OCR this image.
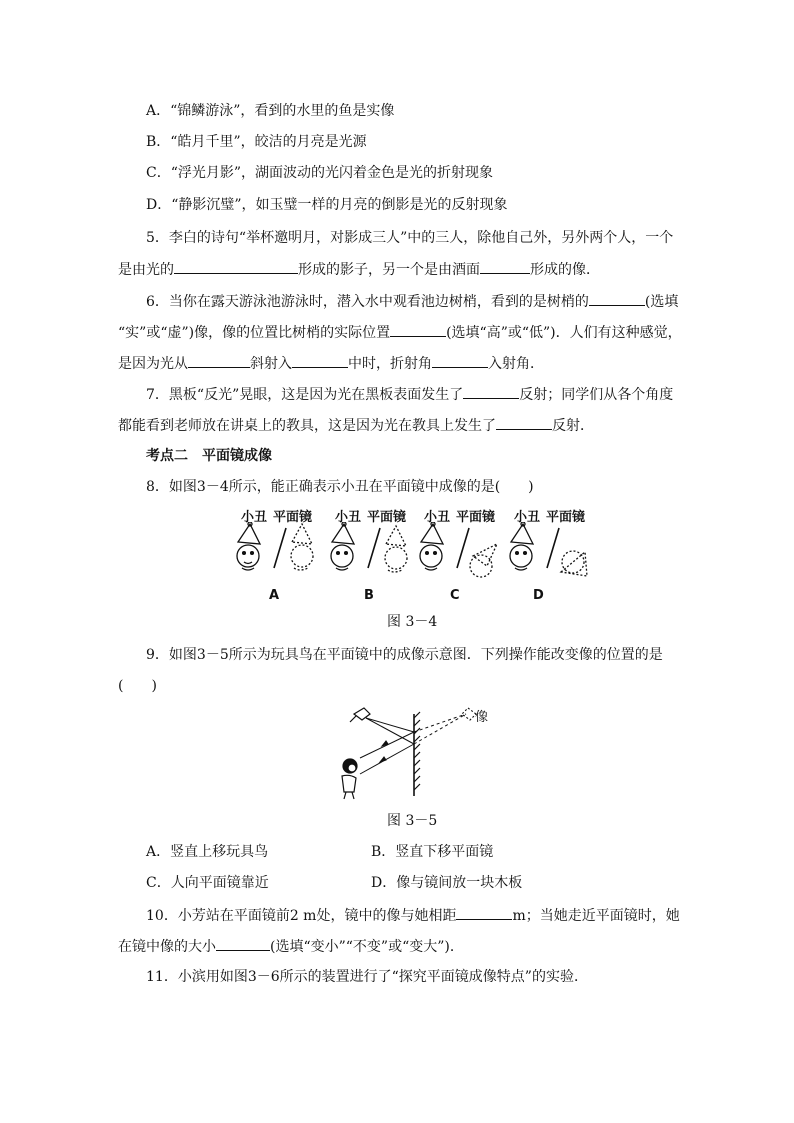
A．“锦鳞游泳”，看到的水里的鱼是实像
B．“皓月千里”，皎洁的月亮是光源
C．“浮光月影”，湖面波动的光闪着金色是光的折射现象
D．“静影沉璧”，如玉璧一样的月亮的倒影是光的反射现象
5．李白的诗句“举杯邀明月，对影成三人”中的三人，除他自己外，另外两个人，一个
是由光的	形成的影子，另一个是由酒面	形成的像．
6．当你在露天游泳池游泳时，潜入水中观看池边树梢，看到的是树梢的	(选填
“实”或“虚”)像，像的位置比树梢的实际位置	(选填“高”或“低”)．人们有这种感觉，
是因为光从	斜射入	中时，折射角	入射角．
7．黑板“反光”晃眼，这是因为光在黑板表面发生了	反射；同学们从各个角度
都能看到老师放在讲桌上的教具，这是因为光在教具上发生了	反射．
考点二　平面镜成像
8．如图3－4所示，能正确表示小丑在平面镜中成像的是(　　)
小丑 平面镜 小丑 平面镜 小丑 平面镜 小丑 平面镜
A	B	C	D
图 3－4
9．如图3－5所示为玩具鸟在平面镜中的成像示意图．下列操作能改变像的位置的是
(　　)
像
图 3－5
A．竖直上移玩具鸟	B．竖直下移平面镜
C．人向平面镜靠近	D．像与镜间放一块木板
10．小芳站在平面镜前2 m处，镜中的像与她相距	m；当她走近平面镜时，她
在镜中像的大小	(选填“变小”“不变”或“变大”)．
11．小滨用如图3－6所示的装置进行了“探究平面镜成像特点”的实验．
